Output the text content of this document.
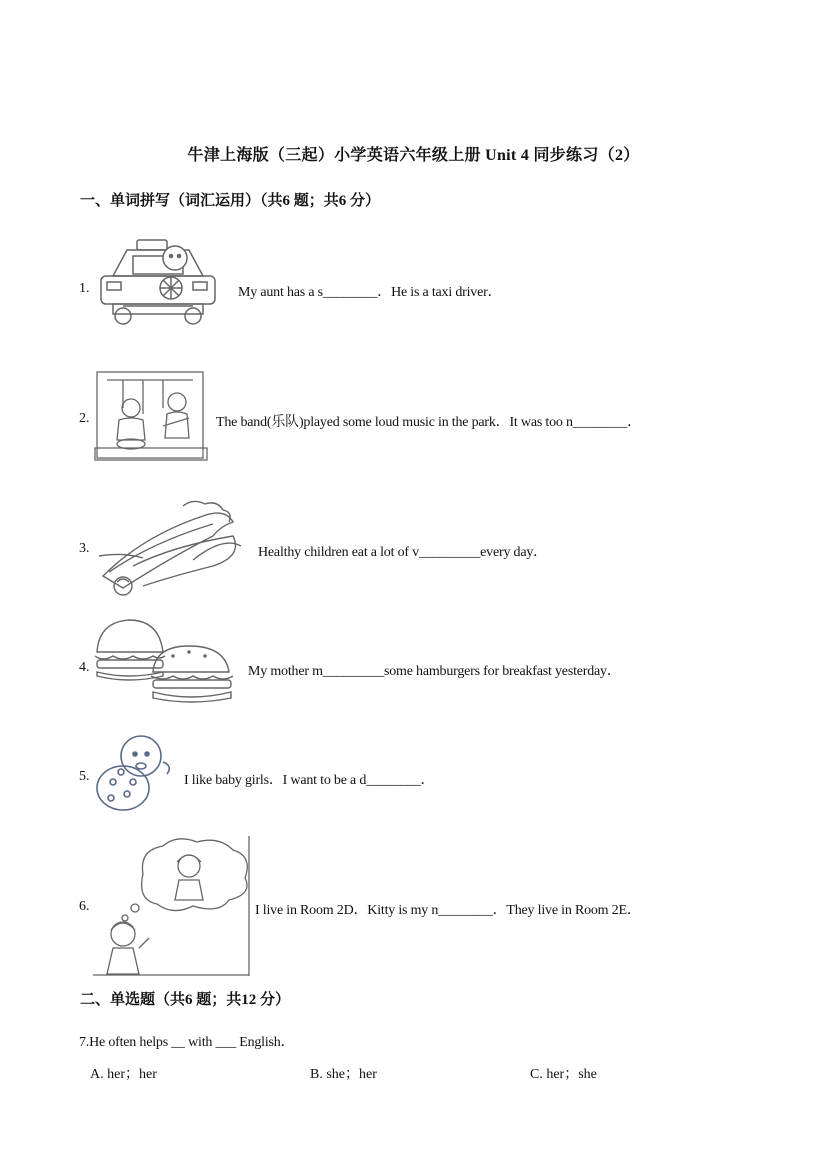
牛津上海版（三起）小学英语六年级上册 Unit 4 同步练习（2）
一、单词拼写（词汇运用）（共6 题；共6 分）
1.	My aunt has a s________．He is a taxi driver．
2.	The band(乐队)played some loud music in the park．It was too n________．
3.	Healthy children eat a lot of v_________every day．
4.	My mother m_________some hamburgers for breakfast yesterday．
5.	I like baby girls．I want to be a d________．
6.	I live in Room 2D．Kitty is my n________．They live in Room 2E．
二、单选题（共6 题；共12 分）
7.He often helps __ with ___ English．
A. her；her	B. she；her	C. her；she
